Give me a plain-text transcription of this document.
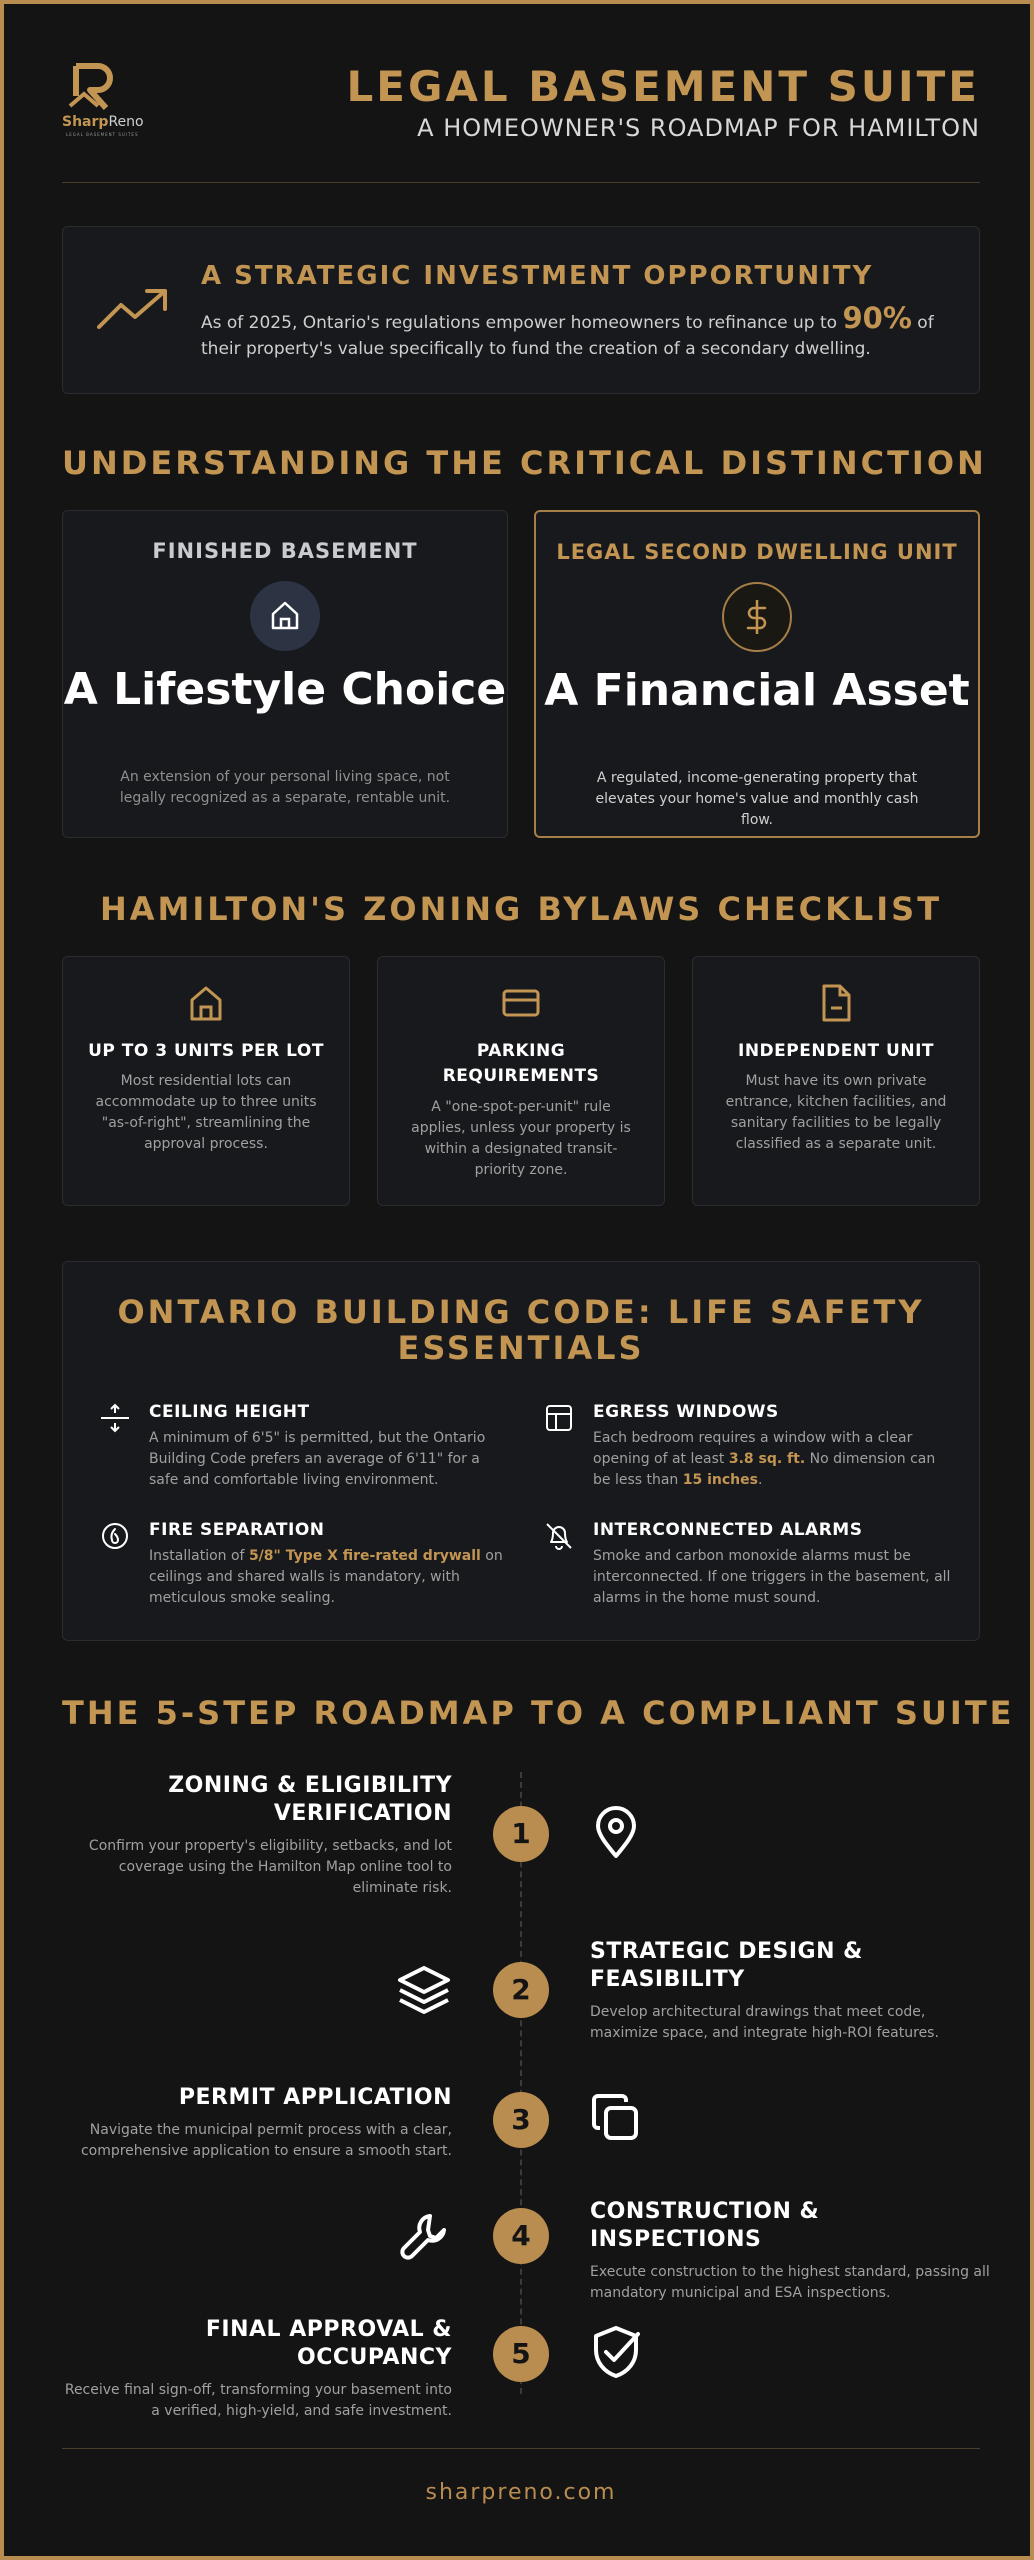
SharpReno
LEGAL BASEMENT SUITES
LEGAL BASEMENT SUITE
A HOMEOWNER'S ROADMAP FOR HAMILTON
A STRATEGIC INVESTMENT OPPORTUNITY
As of 2025, Ontario's regulations empower homeowners to refinance up to 90% of their property's value specifically to fund the creation of a secondary dwelling.
UNDERSTANDING THE CRITICAL DISTINCTION
FINISHED BASEMENT
A Lifestyle Choice
An extension of your personal living space, not legally recognized as a separate, rentable unit.
LEGAL SECOND DWELLING UNIT
A Financial Asset
A regulated, income-generating property that elevates your home's value and monthly cash flow.
HAMILTON'S ZONING BYLAWS CHECKLIST
UP TO 3 UNITS PER LOT
Most residential lots can accommodate up to three units "as-of-right", streamlining the approval process.
PARKING REQUIREMENTS
A "one-spot-per-unit" rule applies, unless your property is within a designated transit-priority zone.
INDEPENDENT UNIT
Must have its own private entrance, kitchen facilities, and sanitary facilities to be legally classified as a separate unit.
ONTARIO BUILDING CODE: LIFE SAFETY ESSENTIALS
CEILING HEIGHT
A minimum of 6'5" is permitted, but the Ontario Building Code prefers an average of 6'11" for a safe and comfortable living environment.
EGRESS WINDOWS
Each bedroom requires a window with a clear opening of at least 3.8 sq. ft. No dimension can be less than 15 inches.
FIRE SEPARATION
Installation of 5/8" Type X fire-rated drywall on ceilings and shared walls is mandatory, with meticulous smoke sealing.
INTERCONNECTED ALARMS
Smoke and carbon monoxide alarms must be interconnected. If one triggers in the basement, all alarms in the home must sound.
THE 5-STEP ROADMAP TO A COMPLIANT SUITE
ZONING & ELIGIBILITY VERIFICATION
Confirm your property's eligibility, setbacks, and lot coverage using the Hamilton Map online tool to eliminate risk.
1
2
STRATEGIC DESIGN & FEASIBILITY
Develop architectural drawings that meet code, maximize space, and integrate high-ROI features.
PERMIT APPLICATION
Navigate the municipal permit process with a clear, comprehensive application to ensure a smooth start.
3
4
CONSTRUCTION & INSPECTIONS
Execute construction to the highest standard, passing all mandatory municipal and ESA inspections.
FINAL APPROVAL & OCCUPANCY
Receive final sign-off, transforming your basement into a verified, high-yield, and safe investment.
5
sharpreno.com
